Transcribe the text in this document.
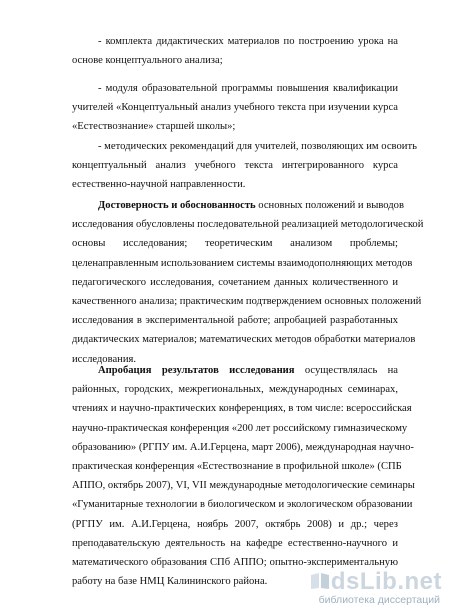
- комплекта дидактических материалов по построению урока на
основе концептуального анализа;
- модуля образовательной программы повышения квалификации
учителей «Концептуальный анализ учебного текста при изучении курса
«Естествознание» старшей школы»;
- методических рекомендаций для учителей, позволяющих им освоить
концептуальный анализ учебного текста интегрированного курса
естественно-научной направленности.
Достоверность и обоснованность основных положений и выводов
исследования обусловлены последовательной реализацией методологической
основы исследования; теоретическим анализом проблемы;
целенаправленным использованием системы взаимодополняющих методов
педагогического исследования, сочетанием данных количественного и
качественного анализа; практическим подтверждением основных положений
исследования в экспериментальной работе; апробацией разработанных
дидактических материалов; математических методов обработки материалов
исследования.
Апробация результатов исследования осуществлялась на
районных, городских, межрегиональных, международных семинарах,
чтениях и научно-практических конференциях, в том числе: всероссийская
научно-практическая конференция «200 лет российскому гимназическому
образованию» (РГПУ им. А.И.Герцена, март 2006), международная научно-
практическая конференция «Естествознание в профильной школе» (СПБ
АППО, октябрь 2007), VI, VII международные методологические семинары
«Гуманитарные технологии в биологическом и экологическом образовании
(РГПУ им. А.И.Герцена, ноябрь 2007, октябрь 2008) и др.; через
преподавательскую деятельность на кафедре естественно-научного и
математического образования СПб АППО; опытно-экспериментальную
работу на базе НМЦ Калининского района.	dsLib.net
библиотека диссертаций
